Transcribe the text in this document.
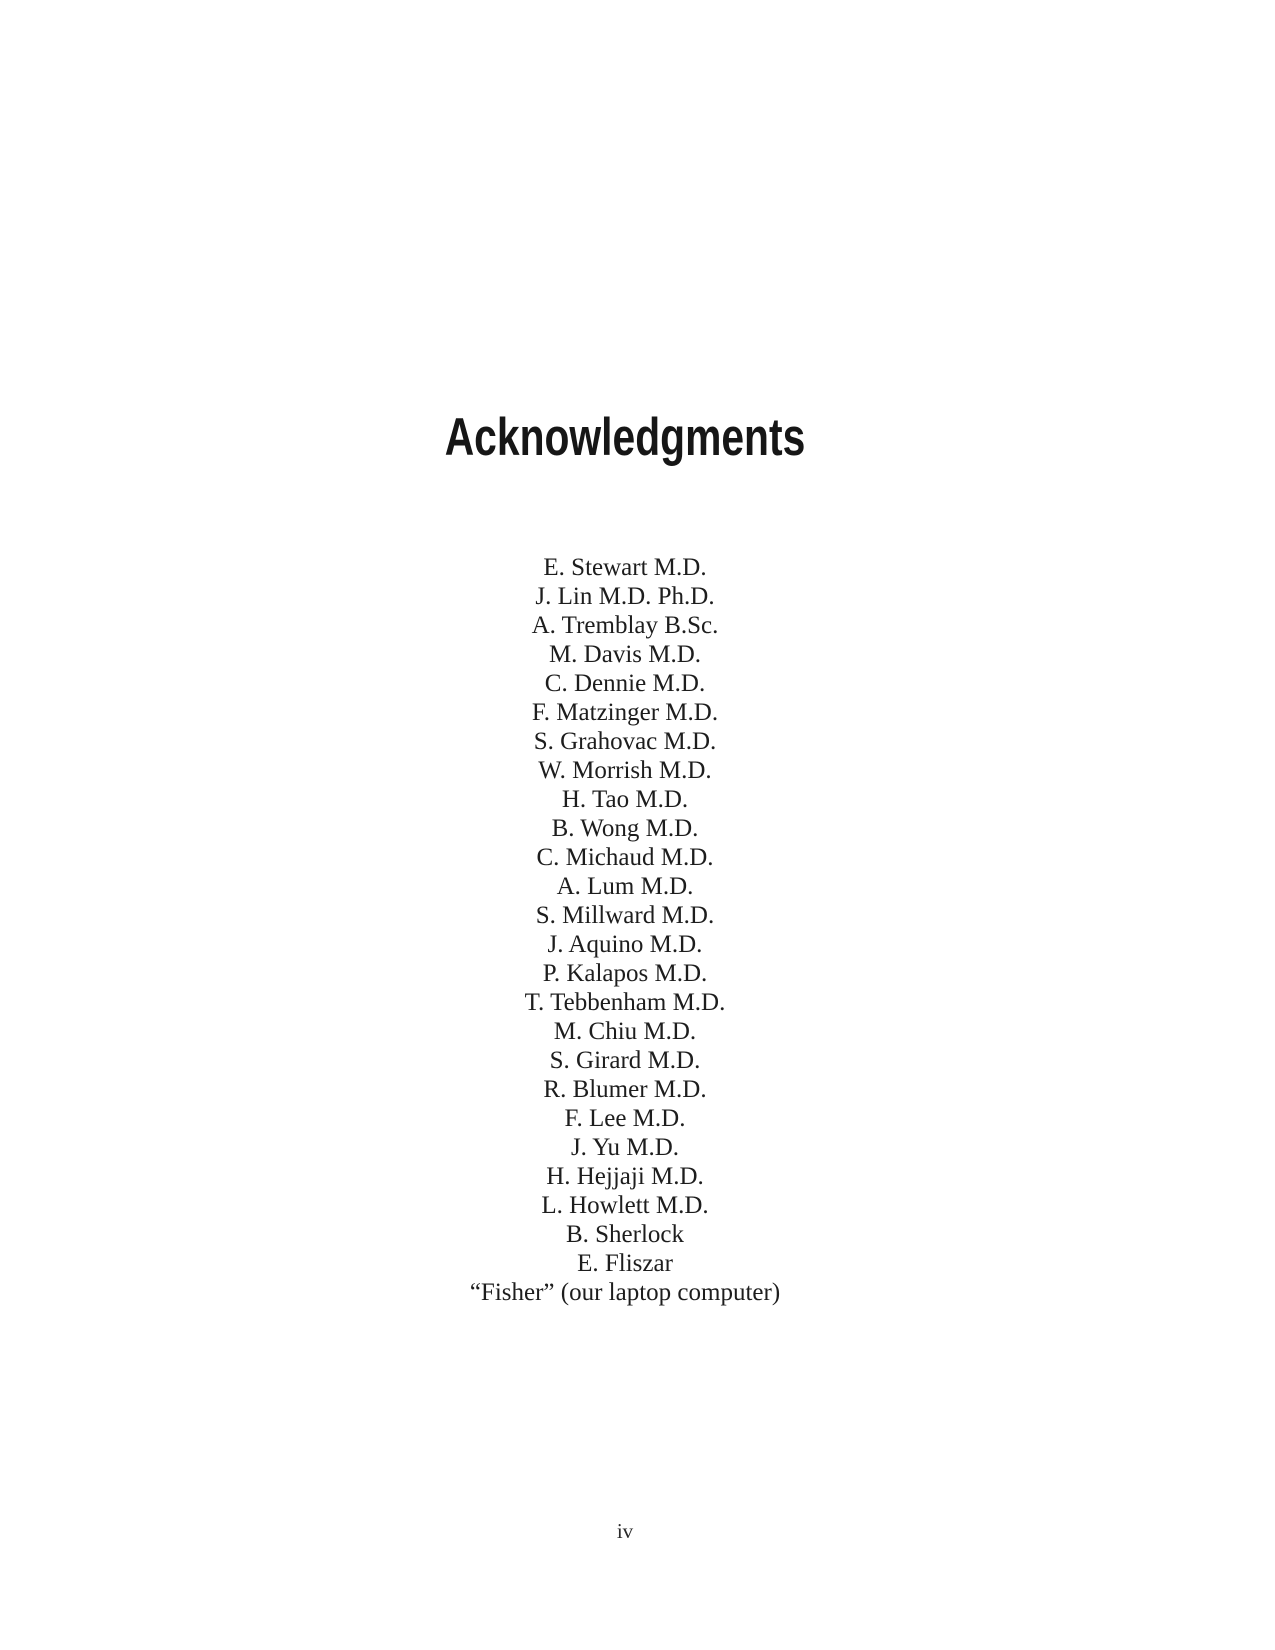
Acknowledgments
E. Stewart M.D.
J. Lin M.D. Ph.D.
A. Tremblay B.Sc.
M. Davis M.D.
C. Dennie M.D.
F. Matzinger M.D.
S. Grahovac M.D.
W. Morrish M.D.
H. Tao M.D.
B. Wong M.D.
C. Michaud M.D.
A. Lum M.D.
S. Millward M.D.
J. Aquino M.D.
P. Kalapos M.D.
T. Tebbenham M.D.
M. Chiu M.D.
S. Girard M.D.
R. Blumer M.D.
F. Lee M.D.
J. Yu M.D.
H. Hejjaji M.D.
L. Howlett M.D.
B. Sherlock
E. Fliszar
“Fisher” (our laptop computer)
iv
